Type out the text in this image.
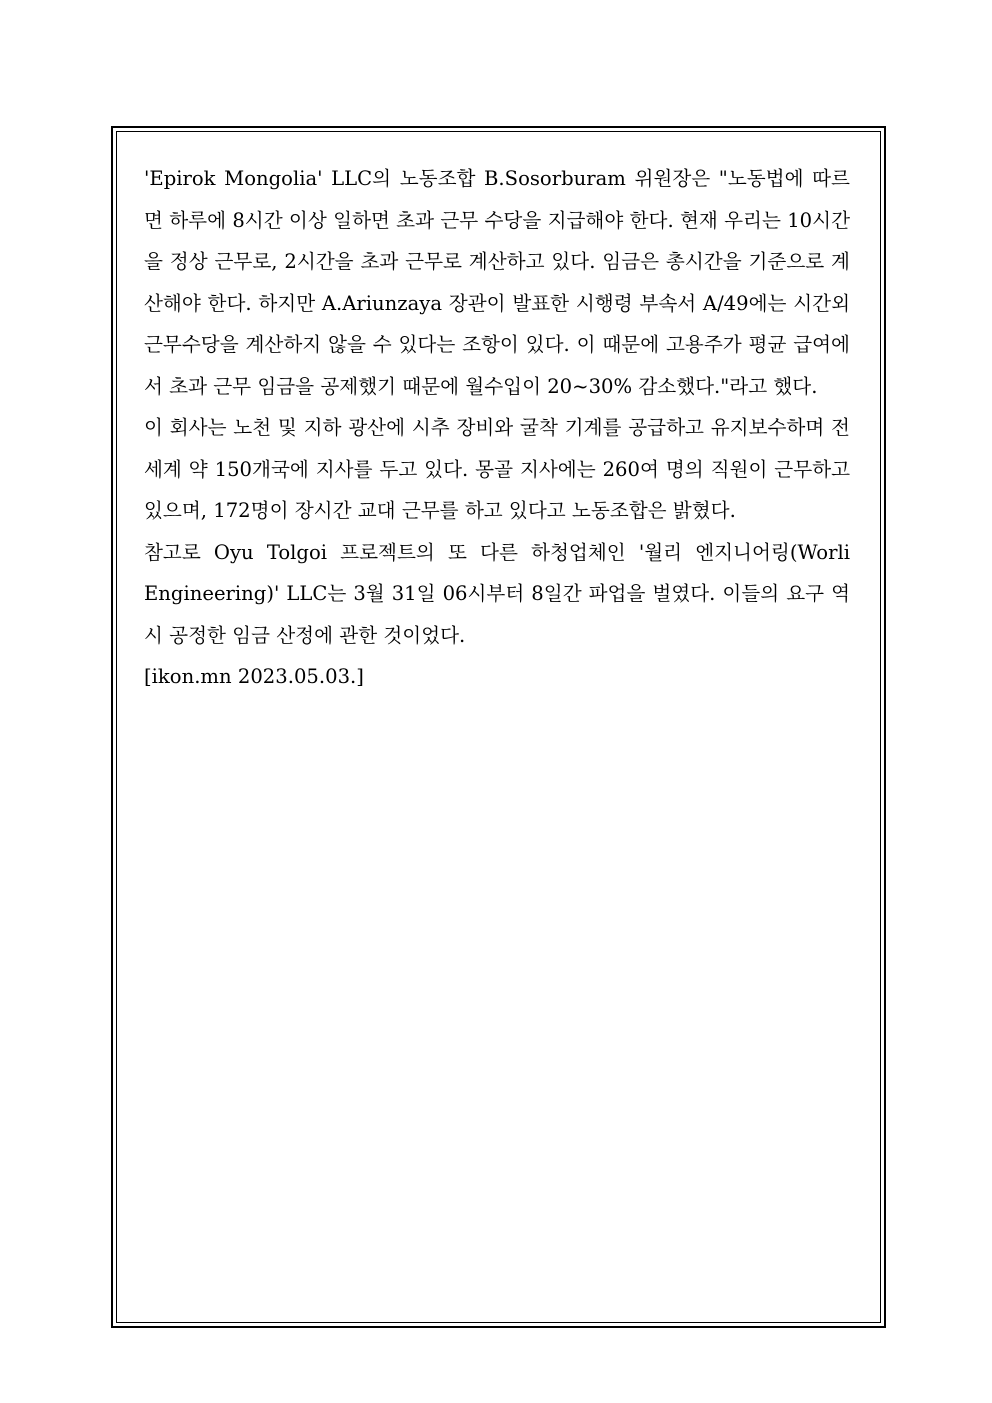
'Epirok Mongolia' LLC의 노동조합 B.Sosorburam 위원장은 "노동법에 따르면 하루에 8시간 이상 일하면 초과 근무 수당을 지급해야 한다. 현재 우리는 10시간을 정상 근무로, 2시간을 초과 근무로 계산하고 있다. 임금은 총시간을 기준으로 계산해야 한다. 하지만 A.Ariunzaya 장관이 발표한 시행령 부속서 A/49에는 시간외근무수당을 계산하지 않을 수 있다는 조항이 있다. 이 때문에 고용주가 평균 급여에서 초과 근무 임금을 공제했기 때문에 월수입이 20~30% 감소했다."라고 했다.

이 회사는 노천 및 지하 광산에 시추 장비와 굴착 기계를 공급하고 유지보수하며 전 세계 약 150개국에 지사를 두고 있다. 몽골 지사에는 260여 명의 직원이 근무하고 있으며, 172명이 장시간 교대 근무를 하고 있다고 노동조합은 밝혔다.

참고로 Oyu Tolgoi 프로젝트의 또 다른 하청업체인 '월리 엔지니어링(Worli Engineering)' LLC는 3월 31일 06시부터 8일간 파업을 벌였다. 이들의 요구 역시 공정한 임금 산정에 관한 것이었다.

[ikon.mn 2023.05.03.]
